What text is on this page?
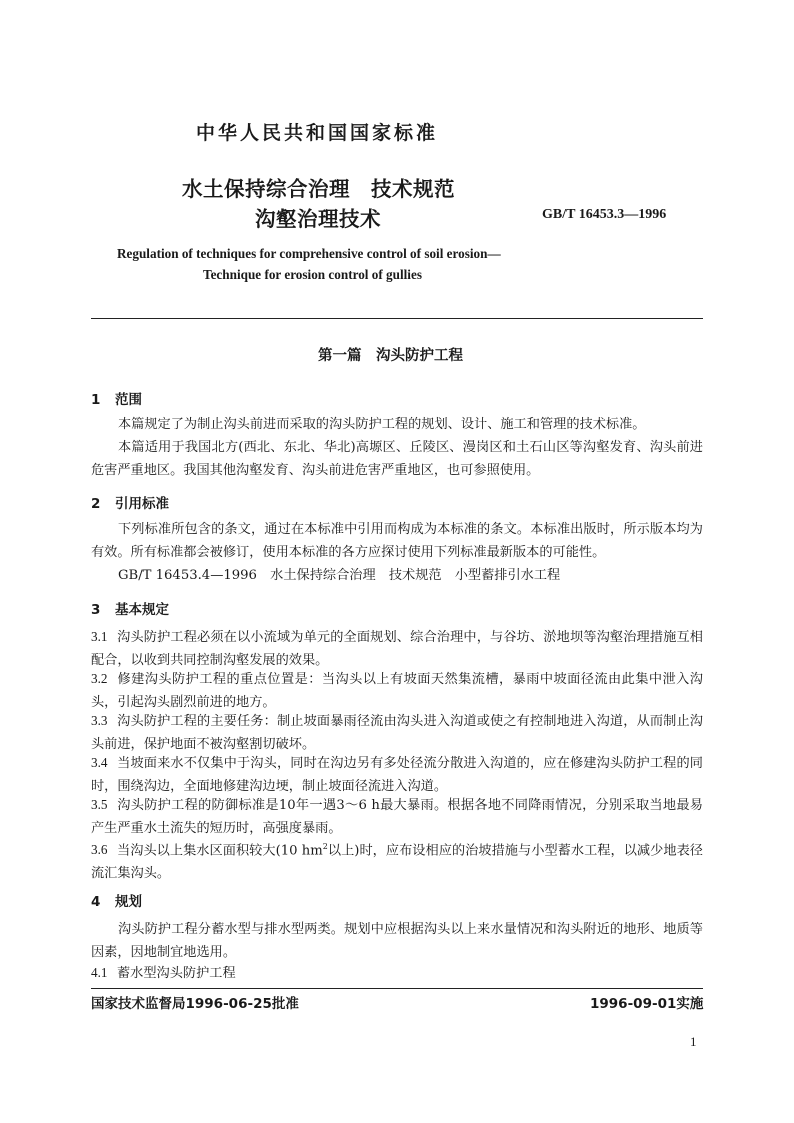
中华人民共和国国家标准
水土保持综合治理　技术规范
沟壑治理技术	GB/T 16453.3—1996
Regulation of techniques for comprehensive control of soil erosion—
Technique for erosion control of gullies
第一篇　沟头防护工程
1 范围
本篇规定了为制止沟头前进而采取的沟头防护工程的规划、设计、施工和管理的技术标准。
本篇适用于我国北方(西北、东北、华北)高塬区、丘陵区、漫岗区和土石山区等沟壑发育、沟头前进危害严重地区。我国其他沟壑发育、沟头前进危害严重地区，也可参照使用。
2 引用标准
下列标准所包含的条文，通过在本标准中引用而构成为本标准的条文。本标准出版时，所示版本均为有效。所有标准都会被修订，使用本标准的各方应探讨使用下列标准最新版本的可能性。
GB/T 16453.4—1996　水土保持综合治理　技术规范　小型蓄排引水工程
3 基本规定
3.1 沟头防护工程必须在以小流域为单元的全面规划、综合治理中，与谷坊、淤地坝等沟壑治理措施互相配合，以收到共同控制沟壑发展的效果。
3.2 修建沟头防护工程的重点位置是：当沟头以上有坡面天然集流槽，暴雨中坡面径流由此集中泄入沟头，引起沟头剧烈前进的地方。
3.3 沟头防护工程的主要任务：制止坡面暴雨径流由沟头进入沟道或使之有控制地进入沟道，从而制止沟头前进，保护地面不被沟壑割切破坏。
3.4 当坡面来水不仅集中于沟头，同时在沟边另有多处径流分散进入沟道的，应在修建沟头防护工程的同时，围绕沟边，全面地修建沟边埂，制止坡面径流进入沟道。
3.5 沟头防护工程的防御标准是10年一遇3～6 h最大暴雨。根据各地不同降雨情况，分别采取当地最易产生严重水土流失的短历时，高强度暴雨。
3.6 当沟头以上集水区面积较大(10 $hm^2$以上)时，应布设相应的治坡措施与小型蓄水工程，以减少地表径流汇集沟头。
4 规划
沟头防护工程分蓄水型与排水型两类。规划中应根据沟头以上来水量情况和沟头附近的地形、地质等因素，因地制宜地选用。
4.1 蓄水型沟头防护工程
国家技术监督局1996-06-25批准	1996-09-01实施
1
